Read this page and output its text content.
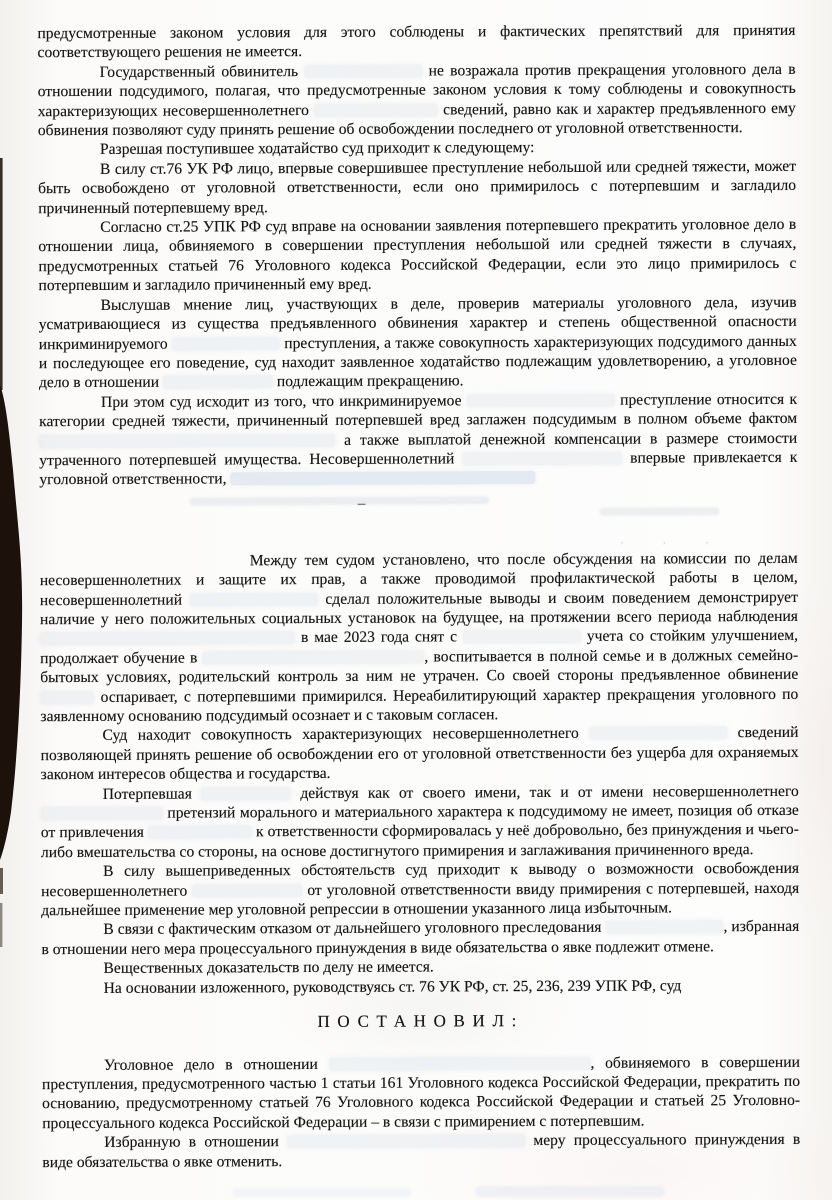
ʼ ʼ ʼ

предусмотренные законом условия для этого соблюдены и фактических препятствий для принятия соответствующего решения не имеется.

Государственный обвинитель	не возражала против прекращения уголовного дела в отношении подсудимого, полагая, что предусмотренные законом условия к тому соблюдены и совокупность характеризующих несовершеннолетнего	сведений, равно как и характер предъявленного ему обвинения позволяют суду принять решение об освобождении последнего от уголовной ответственности.

Разрешая поступившее ходатайство суд приходит к следующему:

В силу ст.76 УК РФ лицо, впервые совершившее преступление небольшой или средней тяжести, может быть освобождено от уголовной ответственности, если оно примирилось с потерпевшим и загладило причиненный потерпевшему вред.

Согласно ст.25 УПК РФ суд вправе на основании заявления потерпевшего прекратить уголовное дело в отношении лица, обвиняемого в совершении преступления небольшой или средней тяжести в случаях, предусмотренных статьей 76 Уголовного кодекса Российской Федерации, если это лицо примирилось с потерпевшим и загладило причиненный ему вред.

Выслушав мнение лиц, участвующих в деле, проверив материалы уголовного дела, изучив усматривающиеся из существа предъявленного обвинения характер и степень общественной опасности инкриминируемого	преступления, а также совокупность характеризующих подсудимого данных и последующее его поведение, суд находит заявленное ходатайство подлежащим удовлетворению, а уголовное дело в отношении	подлежащим прекращению.

При этом суд исходит из того, что инкриминируемое	преступление относится к категории средней тяжести, причиненный потерпевшей вред заглажен подсудимым в полном объеме фактом  а также выплатой денежной компенсации в размере стоимости утраченного потерпевшей имущества. Несовершеннолетний	впервые привлекается к уголовной ответственности,

–

Между тем судом установлено, что после обсуждения на комиссии по делам несовершеннолетних и защите их прав, а также проводимой профилактической работы в целом, несовершеннолетний	сделал положительные выводы и своим поведением демонстрирует наличие у него положительных социальных установок на будущее, на протяжении всего периода наблюдения  в мае 2023 года снят с	учета со стойким улучшением, продолжает обучение в	, воспитывается в полной семье и в должных семейно-бытовых условиях, родительский контроль за ним не утрачен. Со своей стороны предъявленное обвинение  оспаривает, с потерпевшими примирился. Нереабилитирующий характер прекращения уголовного по заявленному основанию подсудимый осознает и с таковым согласен.

Суд находит совокупность характеризующих несовершеннолетнего	сведений позволяющей принять решение об освобождении его от уголовной ответственности без ущерба для охраняемых законом интересов общества и государства.

Потерпевшая	действуя как от своего имени, так и от имени несовершеннолетнего  претензий морального и материального характера к подсудимому не имеет, позиция об отказе от привлечения	к ответственности сформировалась у неё добровольно, без принуждения и чьего-либо вмешательства со стороны, на основе достигнутого примирения и заглаживания причиненного вреда.

В силу вышеприведенных обстоятельств суд приходит к выводу о возможности освобождения несовершеннолетнего	от уголовной ответственности ввиду примирения с потерпевшей, находя дальнейшее применение мер уголовной репрессии в отношении указанного лица избыточным.

В связи с фактическим отказом от дальнейшего уголовного преследования	, избранная в отношении него мера процессуального принуждения в виде обязательства о явке подлежит отмене.

Вещественных доказательств по делу не имеется.

На основании изложенного, руководствуясь ст. 76 УК РФ, ст. 25, 236, 239 УПК РФ, суд

ПОСТАНОВИЛ:

Уголовное дело в отношении	, обвиняемого в совершении преступления, предусмотренного частью 1 статьи 161 Уголовного кодекса Российской Федерации, прекратить по основанию, предусмотренному статьей 76 Уголовного кодекса Российской Федерации и статьей 25 Уголовно-процессуального кодекса Российской Федерации – в связи с примирением с потерпевшим.

Избранную в отношении	меру процессуального принуждения в виде обязательства о явке отменить.
